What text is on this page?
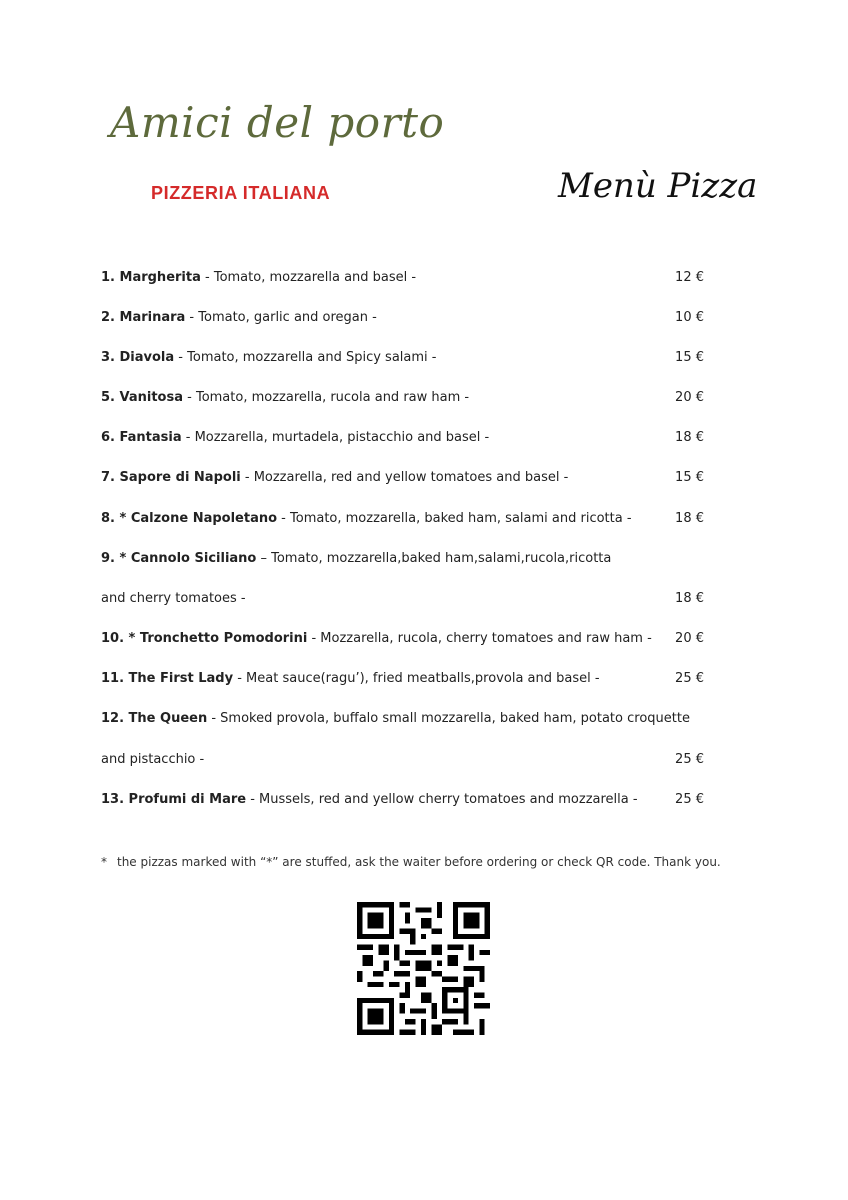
Amici del porto
PIZZERIA ITALIANA	Menù Pizza
1. Margherita - Tomato, mozzarella and basel -	12 €
2. Marinara - Tomato, garlic and oregan -	10 €
3. Diavola - Tomato, mozzarella and Spicy salami -	15 €
5. Vanitosa - Tomato, mozzarella, rucola and raw ham -	20 €
6. Fantasia - Mozzarella, murtadela, pistacchio and basel -	18 €
7. Sapore di Napoli - Mozzarella, red and yellow tomatoes and basel -	15 €
8. * Calzone Napoletano - Tomato, mozzarella, baked ham, salami and ricotta -	18 €
9. * Cannolo Siciliano – Tomato, mozzarella,baked ham,salami,rucola,ricotta
and cherry tomatoes -	18 €
10. * Tronchetto Pomodorini - Mozzarella, rucola, cherry tomatoes and raw ham - 20 €
11. The First Lady - Meat sauce(ragu’), fried meatballs,provola and basel -	25 €
12. The Queen - Smoked provola, buffalo small mozzarella, baked ham, potato croquette
and pistacchio -	25 €
13. Profumi di Mare - Mussels, red and yellow cherry tomatoes and mozzarella -	25 €
* the pizzas marked with “*” are stuffed, ask the waiter before ordering or check QR code. Thank you.
